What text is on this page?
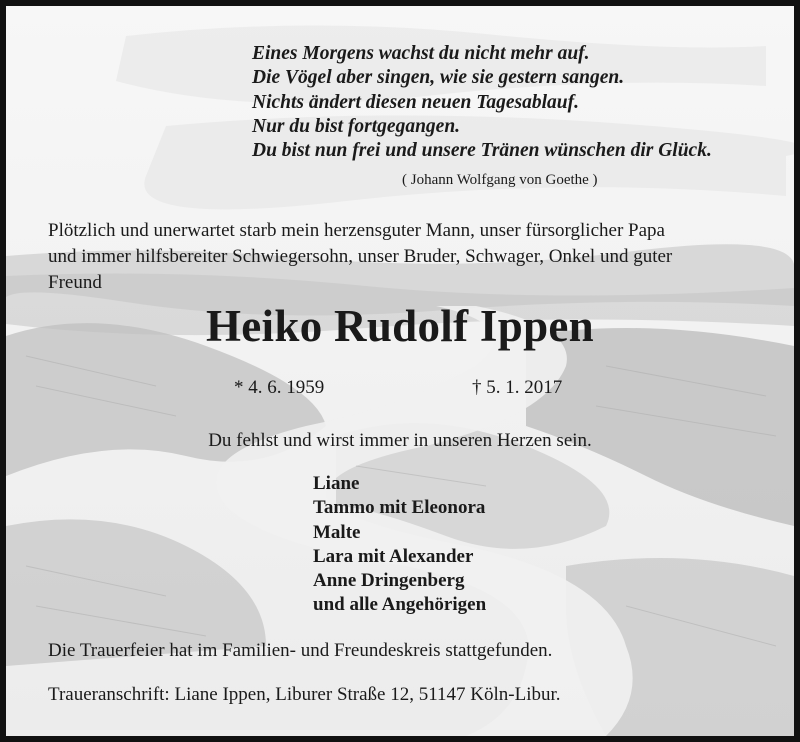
Eines Morgens wachst du nicht mehr auf.
Die Vögel aber singen, wie sie gestern sangen.
Nichts ändert diesen neuen Tagesablauf.
Nur du bist fortgegangen.
Du bist nun frei und unsere Tränen wünschen dir Glück.
( Johann Wolfgang von Goethe )
Plötzlich und unerwartet starb mein herzensguter Mann, unser fürsorglicher Papa
und immer hilfsbereiter Schwiegersohn, unser Bruder, Schwager, Onkel und guter
Freund
Heiko Rudolf Ippen
* 4. 6. 1959	† 5. 1. 2017
Du fehlst und wirst immer in unseren Herzen sein.
Liane
Tammo mit Eleonora
Malte
Lara mit Alexander
Anne Dringenberg
und alle Angehörigen
Die Trauerfeier hat im Familien- und Freundeskreis stattgefunden.
Traueranschrift: Liane Ippen, Liburer Straße 12, 51147 Köln-Libur.
